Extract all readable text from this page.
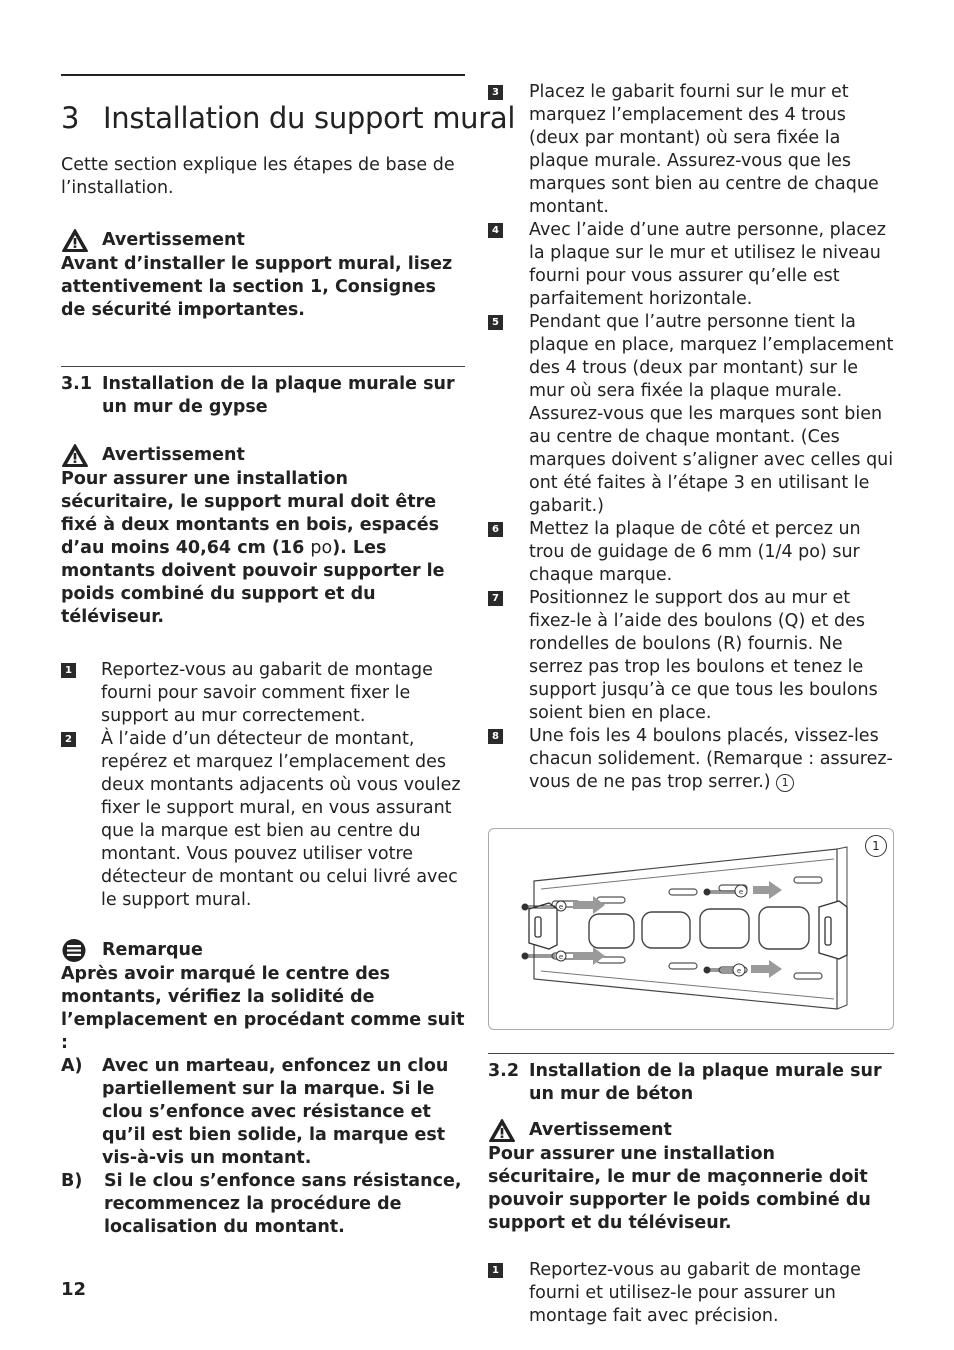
3 Installation du support mural

Cette section explique les étapes de base de l’installation.

Avertissement

Avant d’installer le support mural, lisez attentivement la section 1, Consignes de sécurité importantes.

3.1 Installation de la plaque murale sur un mur de gypse
Avertissement

Pour assurer une installation sécuritaire, le support mural doit être fixé à deux montants en bois, espacés d’au moins 40,64 cm (16 po). Les montants doivent pouvoir supporter le poids combiné du support et du téléviseur.

1 Reportez-vous au gabarit de montage fourni pour savoir comment fixer le support au mur correctement.
2 À l’aide d’un détecteur de montant, repérez et marquez l’emplacement des deux montants adjacents où vous voulez fixer le support mural, en vous assurant que la marque est bien au centre du montant. Vous pouvez utiliser votre détecteur de montant ou celui livré avec le support mural.
Remarque

Après avoir marqué le centre des montants, vérifiez la solidité de l’emplacement en procédant comme suit :

A)	Avec un marteau, enfoncez un clou partiellement sur la marque. Si le clou s’enfonce avec résistance et qu’il est bien solide, la marque est vis-à-vis un montant.
B)	Si le clou s’enfonce sans résistance, recommencez la procédure de localisation du montant.
3 Placez le gabarit fourni sur le mur et marquez l’emplacement des 4 trous (deux par montant) où sera fixée la plaque murale. Assurez-vous que les marques sont bien au centre de chaque montant.
4 Avec l’aide d’une autre personne, placez la plaque sur le mur et utilisez le niveau fourni pour vous assurer qu’elle est parfaitement horizontale.
5 Pendant que l’autre personne tient la plaque en place, marquez l’emplacement des 4 trous (deux par montant) sur le mur où sera fixée la plaque murale. Assurez-vous que les marques sont bien au centre de chaque montant. (Ces marques doivent s’aligner avec celles qui ont été faites à l’étape 3 en utilisant le gabarit.)
6 Mettez la plaque de côté et percez un trou de guidage de 6 mm (1/4 po) sur chaque marque.
7 Positionnez le support dos au mur et fixez-le à l’aide des boulons (Q) et des rondelles de boulons (R) fournis. Ne serrez pas trop les boulons et tenez le support jusqu’à ce que tous les boulons soient bien en place.
8 Une fois les 4 boulons placés, vissez-les chacun solidement. (Remarque : assurez-vous de ne pas trop serrer.) 1
1
e
e
e
e
3.2 Installation de la plaque murale sur un mur de béton
Avertissement

Pour assurer une installation sécuritaire, le mur de maçonnerie doit pouvoir supporter le poids combiné du support et du téléviseur.

1 Reportez-vous au gabarit de montage fourni et utilisez-le pour assurer un montage fait avec précision.
12
